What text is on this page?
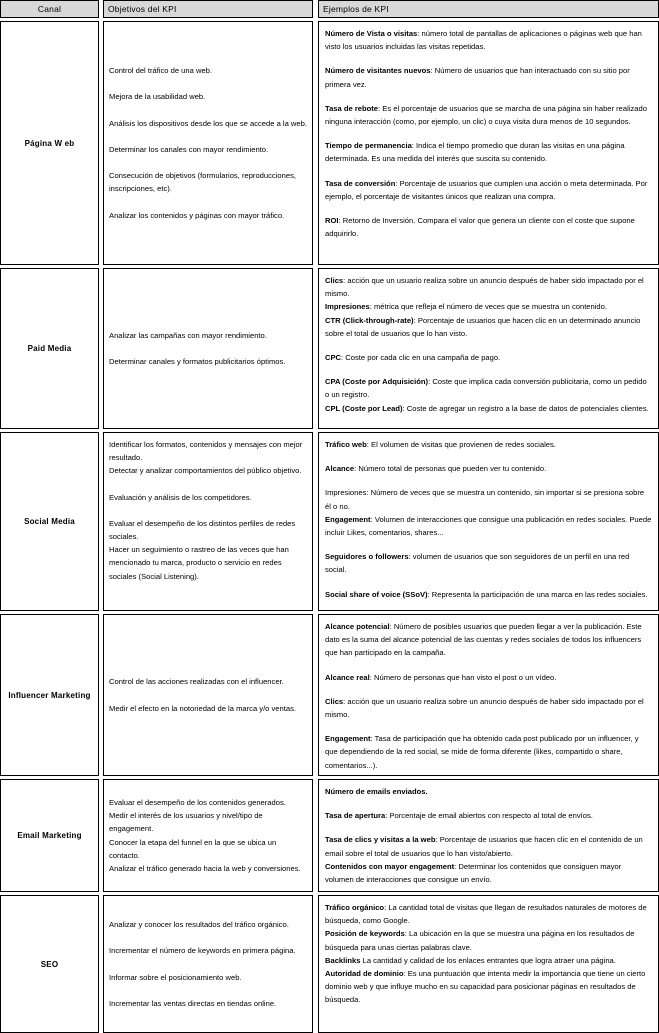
Canal	Objetivos del KPI	Ejemplos de KPI
Página W eb

Control del tráfico de una web.

Mejora de la usabilidad web.

Análisis los dispositivos desde los que se accede a la web.

Determinar los canales con mayor rendimiento.

Consecución de objetivos (formularios, reproducciones, inscripciones, etc).

Analizar los contenidos y páginas con mayor tráfico.

Número de Vista o visitas: número total de pantallas de aplicaciones o páginas web que han visto los usuarios incluidas las visitas repetidas.

Número de visitantes nuevos: Número de usuarios que han interactuado con su sitio por primera vez.

Tasa de rebote: Es el porcentaje de usuarios que se marcha de una página sin haber realizado ninguna interacción (como, por ejemplo, un clic) o cuya visita dura menos de 10 segundos.

Tiempo de permanencia: Indica el tiempo promedio que duran las visitas en una página determinada. Es una medida del interés que suscita su contenido.

Tasa de conversión: Porcentaje de usuarios que cumplen una acción o meta determinada. Por ejemplo, el porcentaje de visitantes únicos que realizan una compra.

ROI: Retorno de Inversión. Compara el valor que genera un cliente con el coste que supone adquirirlo.

Paid Media

Analizar las campañas con mayor rendimiento.

Determinar canales y formatos publicitarios óptimos.

Clics: acción que un usuario realiza sobre un anuncio después de haber sido impactado por el mismo.

Impresiones: métrica que refleja el número de veces que se muestra un contenido.

CTR (Click-through-rate): Porcentaje de usuarios que hacen clic en un determinado anuncio sobre el total de usuarios que lo han visto.

CPC: Coste por cada clic en una campaña de pago.

CPA (Coste por Adquisición): Coste que implica cada conversión publicitaria, como un pedido o un registro.

CPL (Coste por Lead): Coste de agregar un registro a la base de datos de potenciales clientes.

Social Media

Identificar los formatos, contenidos y mensajes con mejor resultado.

Detectar y analizar comportamientos del público objetivo.

Evaluación y análisis de los competidores.

Evaluar el desempeño de los distintos perfiles de redes sociales.

Hacer un seguimiento o rastreo de las veces que han mencionado tu marca, producto o servicio en redes sociales (Social Listening).

Tráfico web: El volumen de visitas que provienen de redes sociales.

Alcance: Número total de personas que pueden ver tu contenido.

Impresiones: Número de veces que se muestra un contenido, sin importar si se presiona sobre él o no.

Engagement: Volumen de interacciones que consigue una publicación en redes sociales. Puede incluir Likes, comentarios, shares...

Seguidores o followers: volumen de usuarios que son seguidores de un perfil en una red social.

Social share of voice (SSoV): Representa la participación de una marca en las redes sociales.

Influencer Marketing

Control de las acciones realizadas con el influencer.

Medir el efecto en la notoriedad de la marca y/o ventas.

Alcance potencial: Número de posibles usuarios que pueden llegar a ver la publicación. Este dato es la suma del alcance potencial de las cuentas y redes sociales de todos los influencers que han participado en la campaña.

Alcance real: Número de personas que han visto el post o un vídeo.

Clics: acción que un usuario realiza sobre un anuncio después de haber sido impactado por el mismo.

Engagement: Tasa de participación que ha obtenido cada post publicado por un influencer, y que dependiendo de la red social, se mide de forma diferente (likes, compartido o share, comentarios...).

Email Marketing

Evaluar el desempeño de los contenidos generados.

Medir el interés de los usuarios y nivel/tipo de engagement.

Conocer la etapa del funnel en la que se ubica un contacto.

Analizar el tráfico generado hacia la web y conversiones.

Número de emails enviados.

Tasa de apertura: Porcentaje de email abiertos con respecto al total de envíos.

Tasa de clics y visitas a la web: Porcentaje de usuarios que hacen clic en el contenido de un email sobre el total de usuarios que lo han visto/abierto.

Contenidos con mayor engagement: Determinar los contenidos que consiguen mayor volumen de interacciones que consigue un envío.

SEO

Analizar y conocer los resultados del tráfico orgánico.

Incrementar el número de keywords en primera página.

Informar sobre el posicionamiento web.

Incrementar las ventas directas en tiendas online.

Tráfico orgánico: La cantidad total de visitas que llegan de resultados naturales de motores de búsqueda, como Google.

Posición de keywords: La ubicación en la que se muestra una página en los resultados de búsqueda para unas ciertas palabras clave.

Backlinks La cantidad y calidad de los enlaces entrantes que logra atraer una página.

Autoridad de dominio: Es una puntuación que intenta medir la importancia que tiene un cierto dominio web y que influye mucho en su capacidad para posicionar páginas en resultados de búsqueda.
